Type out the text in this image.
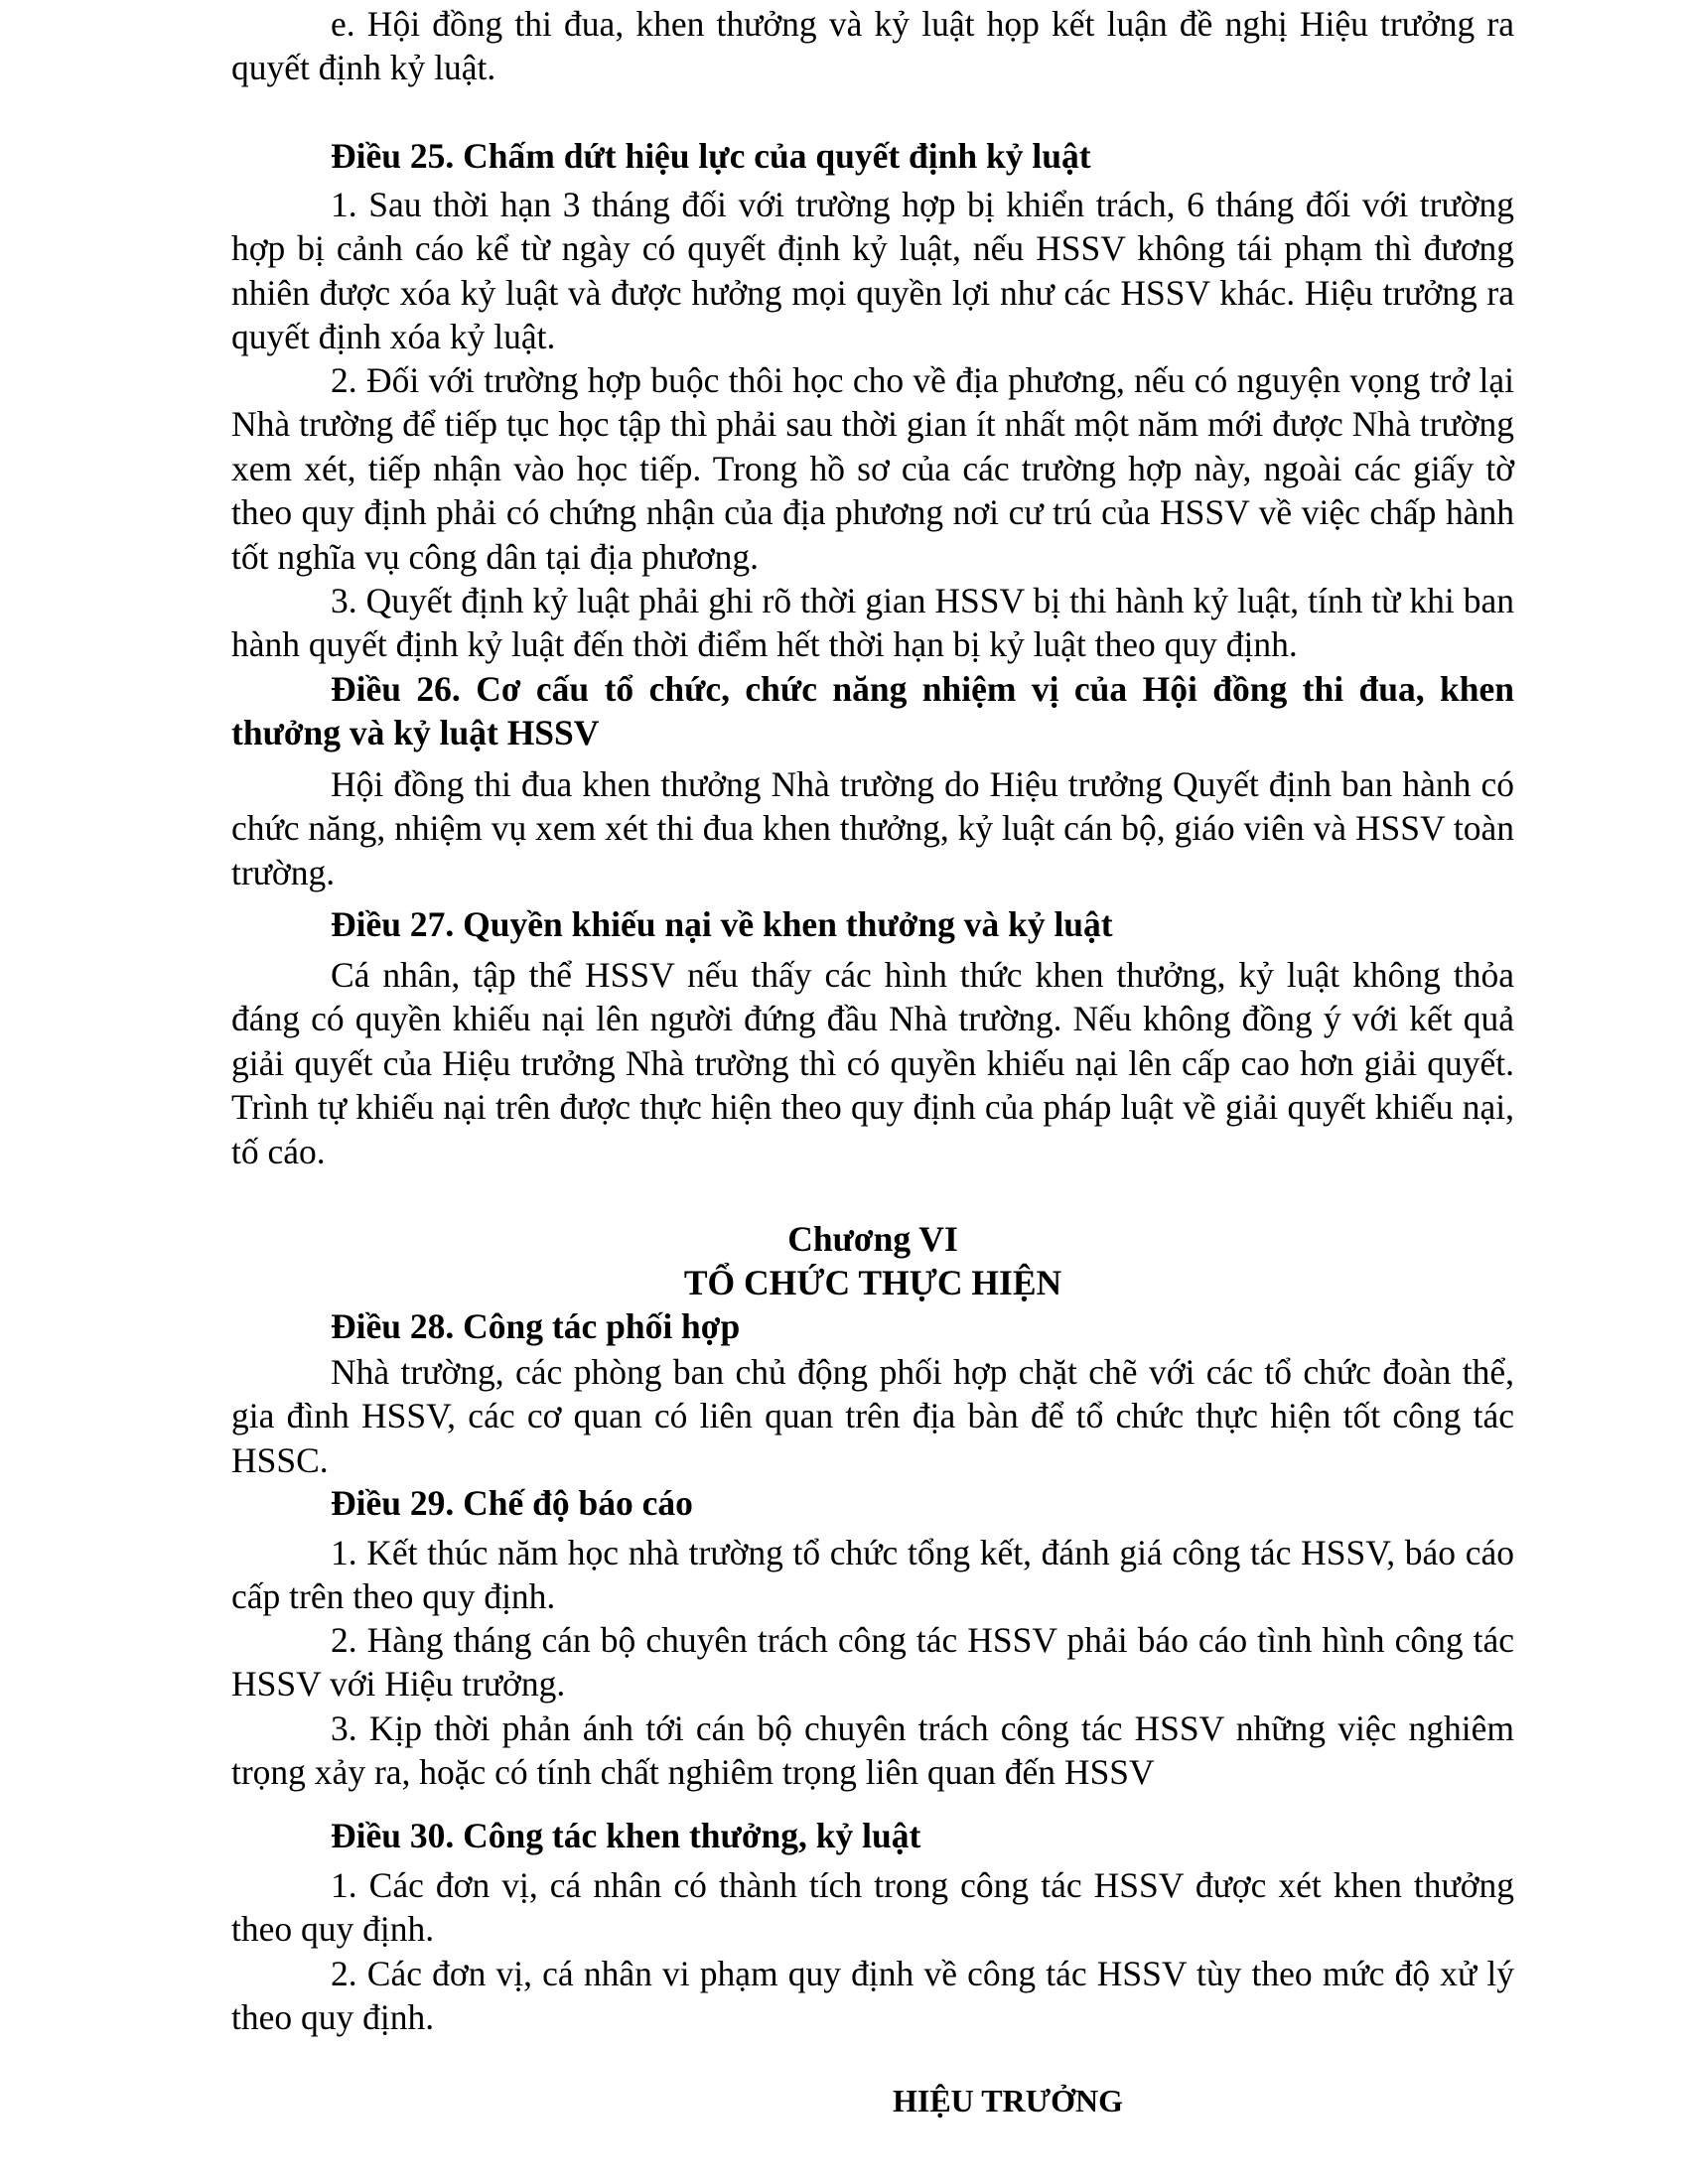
e. Hội đồng thi đua, khen thưởng và kỷ luật họp kết luận đề nghị Hiệu trưởng ra quyết định kỷ luật.

Điều 25. Chấm dứt hiệu lực của quyết định kỷ luật

1. Sau thời hạn 3 tháng đối với trường hợp bị khiển trách, 6 tháng đối với trường hợp bị cảnh cáo kể từ ngày có quyết định kỷ luật, nếu HSSV không tái phạm thì đương nhiên được xóa kỷ luật và được hưởng mọi quyền lợi như các HSSV khác. Hiệu trưởng ra quyết định xóa kỷ luật.

2. Đối với trường hợp buộc thôi học cho về địa phương, nếu có nguyện vọng trở lại Nhà trường để tiếp tục học tập thì phải sau thời gian ít nhất một năm mới được Nhà trường xem xét, tiếp nhận vào học tiếp. Trong hồ sơ của các trường hợp này, ngoài các giấy tờ theo quy định phải có chứng nhận của địa phương nơi cư trú của HSSV về việc chấp hành tốt nghĩa vụ công dân tại địa phương.

3. Quyết định kỷ luật phải ghi rõ thời gian HSSV bị thi hành kỷ luật, tính từ khi ban hành quyết định kỷ luật đến thời điểm hết thời hạn bị kỷ luật theo quy định.

Điều 26. Cơ cấu tổ chức, chức năng nhiệm vị của Hội đồng thi đua, khen thưởng và kỷ luật HSSV

Hội đồng thi đua khen thưởng Nhà trường do Hiệu trưởng Quyết định ban hành có chức năng, nhiệm vụ xem xét thi đua khen thưởng, kỷ luật cán bộ, giáo viên và HSSV toàn trường.

Điều 27. Quyền khiếu nại về khen thưởng và kỷ luật

Cá nhân, tập thể HSSV nếu thấy các hình thức khen thưởng, kỷ luật không thỏa đáng có quyền khiếu nại lên người đứng đầu Nhà trường. Nếu không đồng ý với kết quả giải quyết của Hiệu trưởng Nhà trường thì có quyền khiếu nại lên cấp cao hơn giải quyết. Trình tự khiếu nại trên được thực hiện theo quy định của pháp luật về giải quyết khiếu nại, tố cáo.

Chương VI
TỔ CHỨC THỰC HIỆN

Điều 28. Công tác phối hợp

Nhà trường, các phòng ban chủ động phối hợp chặt chẽ với các tổ chức đoàn thể, gia đình HSSV, các cơ quan có liên quan trên địa bàn để tổ chức thực hiện tốt công tác HSSC.

Điều 29. Chế độ báo cáo

1. Kết thúc năm học nhà trường tổ chức tổng kết, đánh giá công tác HSSV, báo cáo cấp trên theo quy định.

2. Hàng tháng cán bộ chuyên trách công tác HSSV phải báo cáo tình hình công tác HSSV với Hiệu trưởng.

3. Kịp thời phản ánh tới cán bộ chuyên trách công tác HSSV những việc nghiêm trọng xảy ra, hoặc có tính chất nghiêm trọng liên quan đến HSSV

Điều 30. Công tác khen thưởng, kỷ luật

1. Các đơn vị, cá nhân có thành tích trong công tác HSSV được xét khen thưởng theo quy định.

2. Các đơn vị, cá nhân vi phạm quy định về công tác HSSV tùy theo mức độ xử lý theo quy định.

HIỆU TRƯỞNG
